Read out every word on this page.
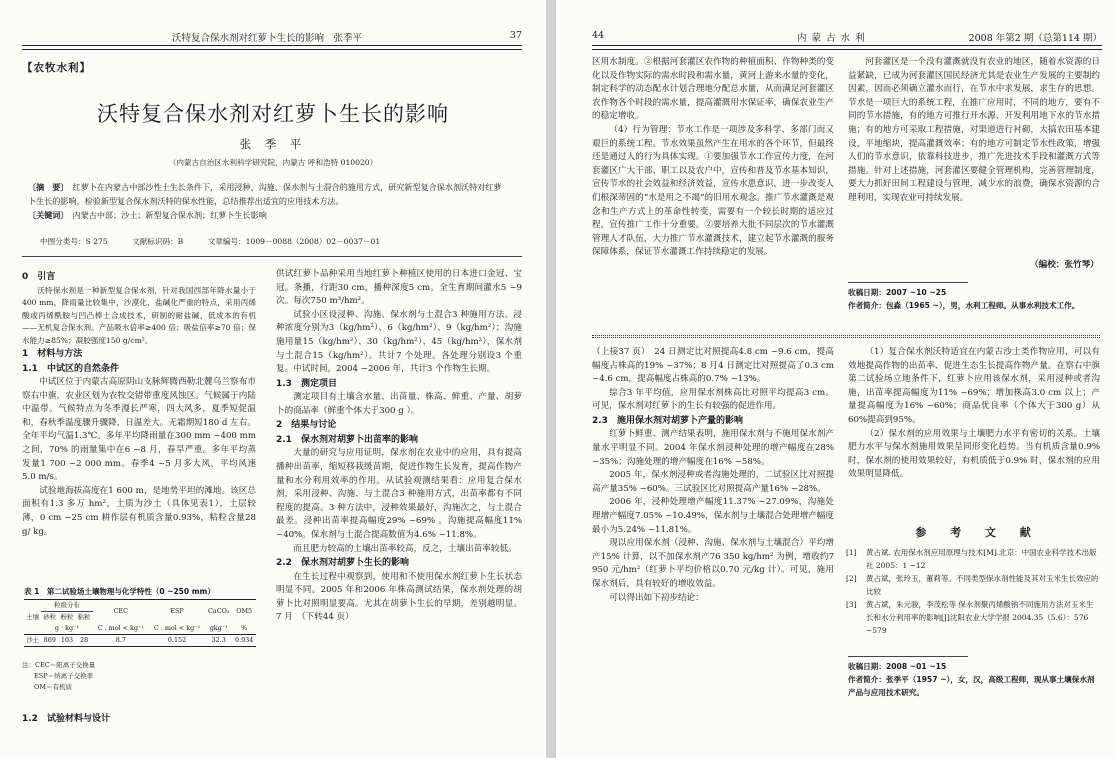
沃特复合保水剂对红萝卜生长的影响　张季平	37
【农牧水利】
沃特复合保水剂对红萝卜生长的影响
张 季 平
（内蒙古自治区水利科学研究院，内蒙古 呼和浩特 010020）
〔摘　要〕　 红萝卜在内蒙古中部沙性土生长条件下，采用浸种、沟施、保水剂与土混合的施用方式，研究新型复合保水剂沃特对红萝卜生长的影响，检验新型复合保水剂沃特的保水性能，总结推荐出适宜的应用技术方法。
〔关键词〕　 内蒙古中部；沙土；新型复合保水剂；红萝卜生长影响
中图分类号：S 275	文献标识码：B	文章编号：1009－0088（2008）02－0037－01
0　引言

沃特保水剂是一种新型复合保水剂，针对我国西部年降水量小于400 mm，降雨量比较集中，沙漠化、盐碱化严重的特点，采用丙烯酸或丙烯酰胺与凹凸棒土合成技术，研制的耐盐碱、低成本的有机——无机复合保水剂。产品吸水倍率≥400 倍；吸盐倍率≥70 倍；保水能力≥85%；凝胶强度150 g/cm²。

1　材料与方法
1.1　中试区的自然条件

中试区位于内蒙古高原阴山支脉辉腾西勒北麓乌兰察布市察右中旗，农业区划为农牧交错带重度风蚀区。气候属于内陆中温带。气候特点为冬季漫长严寒，四大风多，夏季短促温和，春秋季温度骤升骤降，日温差大。无霜期短180 d 左右。全年平均气温1.3℃。多年平均降雨量在300 mm ~400 mm 之间，70% 的雨量集中在6 ~8 月，春旱严重。多年平均蒸发量1 700 ~2 000 mm。春季4 ~5 月多大风，平均风速5.0 m/s。

试验地海拔高度在1 600 m，是地势平坦的滩地。该区总面积有1.3 多万 hm²，土质为沙土（具体见表1），土层较薄，0 cm ~25 cm 耕作层有机质含量0.93%，粘粒含量28 g/ kg。

表 1　第二试验场土壤物理与化学特性（0 ~250 mm）
土壤	粒级分布			CEC	ESP	CaCO₃	OM5
	砂粒	粉粒	粘粒				
	g · kg⁻¹			C . mol < kg⁻¹	C . mol < kg⁻¹	gkg⁻¹	%
沙土	869	103	28	8.7	0.152	32.3	0.934
注：CEC＝阳离子交换量
ESP＝纳离子交换率
OM＝有机质
1.2　试验材料与设计

供试红萝卜品种采用当地红萝卜种植区使用的日本进口金冠、宝冠。条播，行距30 cm，播种深度5 cm。全生育期间灌水5 ~9 次。每次750 m³/hm²。

试验小区设浸种、沟施、保水剂与土混合3 种施用方法。浸种浓度分别为3（kg/hm²）、6（kg/hm²）、9（kg/hm²）；沟施施用量15（kg/hm²）、30（kg/hm²）、45（kg/hm²），保水剂与土混合15（kg/hm²）。共计7 个处理。各处理分别设3 个重复。中试时间，2004 ~2006 年，共计3 个作物生长期。

1.3　测定项目

测定项目有土壤含水量、出苗量、株高、鲜重、产量、胡萝卜的商品率（鲜重个体大于300 g ）。

2　结果与讨论
2.1　保水剂对胡萝卜出苗率的影响

大量的研究与应用证明，保水剂在农业中的应用，具有提高播种出苗率，缩短移栽缓苗期，促进作物生长发育，提高作物产量和水分利用效率的作用。从试验观测结果看：应用复合保水剂，采用浸种、沟施、与土混合3 种施用方式，出苗率都有不同程度的提高。3 种方法中，浸种效果最好，沟施次之，与土混合最差。浸种出苗率提高幅度29% ~69% 。沟施提高幅度11% ~40%。保水剂与土混合提高数值为4.6% ~11.8%。

而且肥力较高的土壤出苗率较高，反之，土壤出苗率较低。

2.2　保水剂对胡萝卜生长的影响

在生长过程中观察到，使用和不使用保水剂红萝卜生长状态明显不同。2005 年和2006 年株高测试结果，保水剂处理的胡萝卜比对照明显要高。尤其在胡萝卜生长的早期，差别越明显。7 月　（下转44 页）

44	内 蒙 古 水 利	2008 年第2 期（总第114 期）

区用水制度。②根据河套灌区农作物的种植面积、作物种类的变化以及作物实际的需水时段和需水量，黄河上游来水量的变化，制定科学的动态配水计划合理地分配总水量，从而满足河套灌区农作物各个时段的需水量，提高灌溉用水保证率，确保农业生产的稳定增收。

（4）行为管理：节水工作是一项涉及多科学、多部门而又艰巨的系统工程。节水效果虽然产生在用水的各个环节，但最终还是通过人的行为具体实现。①要加强节水工作宣传力度，在河套灌区广大干部、职工以及农户中，宣传和普及节水基本知识，宣传节水的社会效益和经济效益，宣传水患意识，进一步改变人们根深蒂固的“水是用之不竭”的旧用水观念。推广节水灌溉是观念和生产方式上的革命性转变，需要有一个较长时期的适应过程，宣传推广工作十分重要。②要培养大批不同层次的节水灌溉管理人才队伍，大力推广节水灌溉技术，建立起节水灌溉的服务保障体系，保证节水灌溉工作持续稳定的发展。

河套灌区是一个没有灌溉就没有农业的地区，随着水资源的日益紧缺，已成为河套灌区国民经济尤其是农业生产发展的主要制约因素，因而必须确立灌水而行，在节水中求发展，求生存的思想。节水是一项巨大的系统工程，在推广应用时，不同的地方，要有不同的节水措施，有的地方可推行开水源、开发利用地下水的节水措施；有的地方可采取工程措施，对渠道进行衬砌，大搞农田基本建设，平地缩块，提高灌溉效率；有的地方可制定节水性政策，增强人们的节水意识，依靠科技进步，推广先进技术手段和灌溉方式等措施。针对上述措施，河套灌区要健全管理机构，完善管理制度，要大力抓好田间工程建设与管理，减少水的浪费，确保水资源的合理利用，实现农业可持续发展。

（编校：张竹琴）
收稿日期：2007 ~10 ~25
作者简介：包淼（1965 ~），男，水利工程师。从事水利技术工作。

（上接37 页）　24 日测定比对照提高4.8 cm ~9.6 cm，提高幅度占株高的19% ~37%；8 月4 日测定比对照提高了0.3 cm ~4.6 cm，提高幅度占株高的0.7% ~13%。

综合3 年平均值，应用保水剂株高比对照平均提高3 cm。可见，保水剂对红萝卜的生长有较强的促进作用。

2.3　施用保水剂对胡萝卜产量的影响

红萝卜鲜重、测产结果表明，施用保水剂与不施用保水剂产量水平明显不同。2004 年保水剂浸种处理的增产幅度在28% ~35%；沟施处理的增产幅度在16% ~58%。

2005 年，保水剂浸种或者沟施处理的，二试验区比对照提高产量35% ~60%。三试验区比对照提高产量16% ~28%。

2006 年，浸种处理增产幅度11.37% ~27.09%，沟施处理增产幅度7.05% ~10.49%，保水剂与土壤混合处理增产幅度最小为5.24% ~11.81%。

现以应用保水剂（浸种、沟施、保水剂与土壤混合）平均增产15% 计算，以不加保水剂产76 350 kg/hm² 为例，增收约7 950 元/hm²（红萝卜平均价格以0.70 元/kg 计）。可见，施用保水剂后，具有较好的增收效益。

可以得出如下初步结论：

（1）复合保水剂沃特适宜在内蒙古沙土类作物应用，可以有效地提高作物的出苗率、促进生态生长提高作物产量。在察右中旗第二试验场立地条件下，红萝卜应用该保水剂，采用浸种或者沟施，出苗率提高幅度为11% ~69%；增加株高3.0 cm 以上；产量提高幅度为16% ~60%；商品优良率（个体大于300 g）从60%提高到95%。

（2）保水剂的应用效果与土壤肥力水平有密切的关系。土壤肥力水平与保水剂施用效果呈同形变化趋势。当有机质含量0.9% 时，保水剂的使用效果较好，有机质低于0.9% 时，保水剂的应用效果明显降低。

参 考 文 献
[1] 黄占斌. 农用保水剂应用原理与技术[M].北京：中国农业科学技术出版社 2005：1 ~12
[2] 黄占斌，张玲玉，董莉等。不同类型保水剂性能及其对玉米生长效应的比较
[3] 黄占斌，朱元骏，李茂松等 保水剂聚丙烯酸钠不同施用方法对玉米生长和水分利用率的影响[J]沈阳农业大学学报 2004.35（5.6）：576 ~579
收稿日期：2008 ~01 ~15
作者简介：张季平（1957 ~），女，汉，高级工程师，现从事土壤保水剂产品与应用技术研究。
